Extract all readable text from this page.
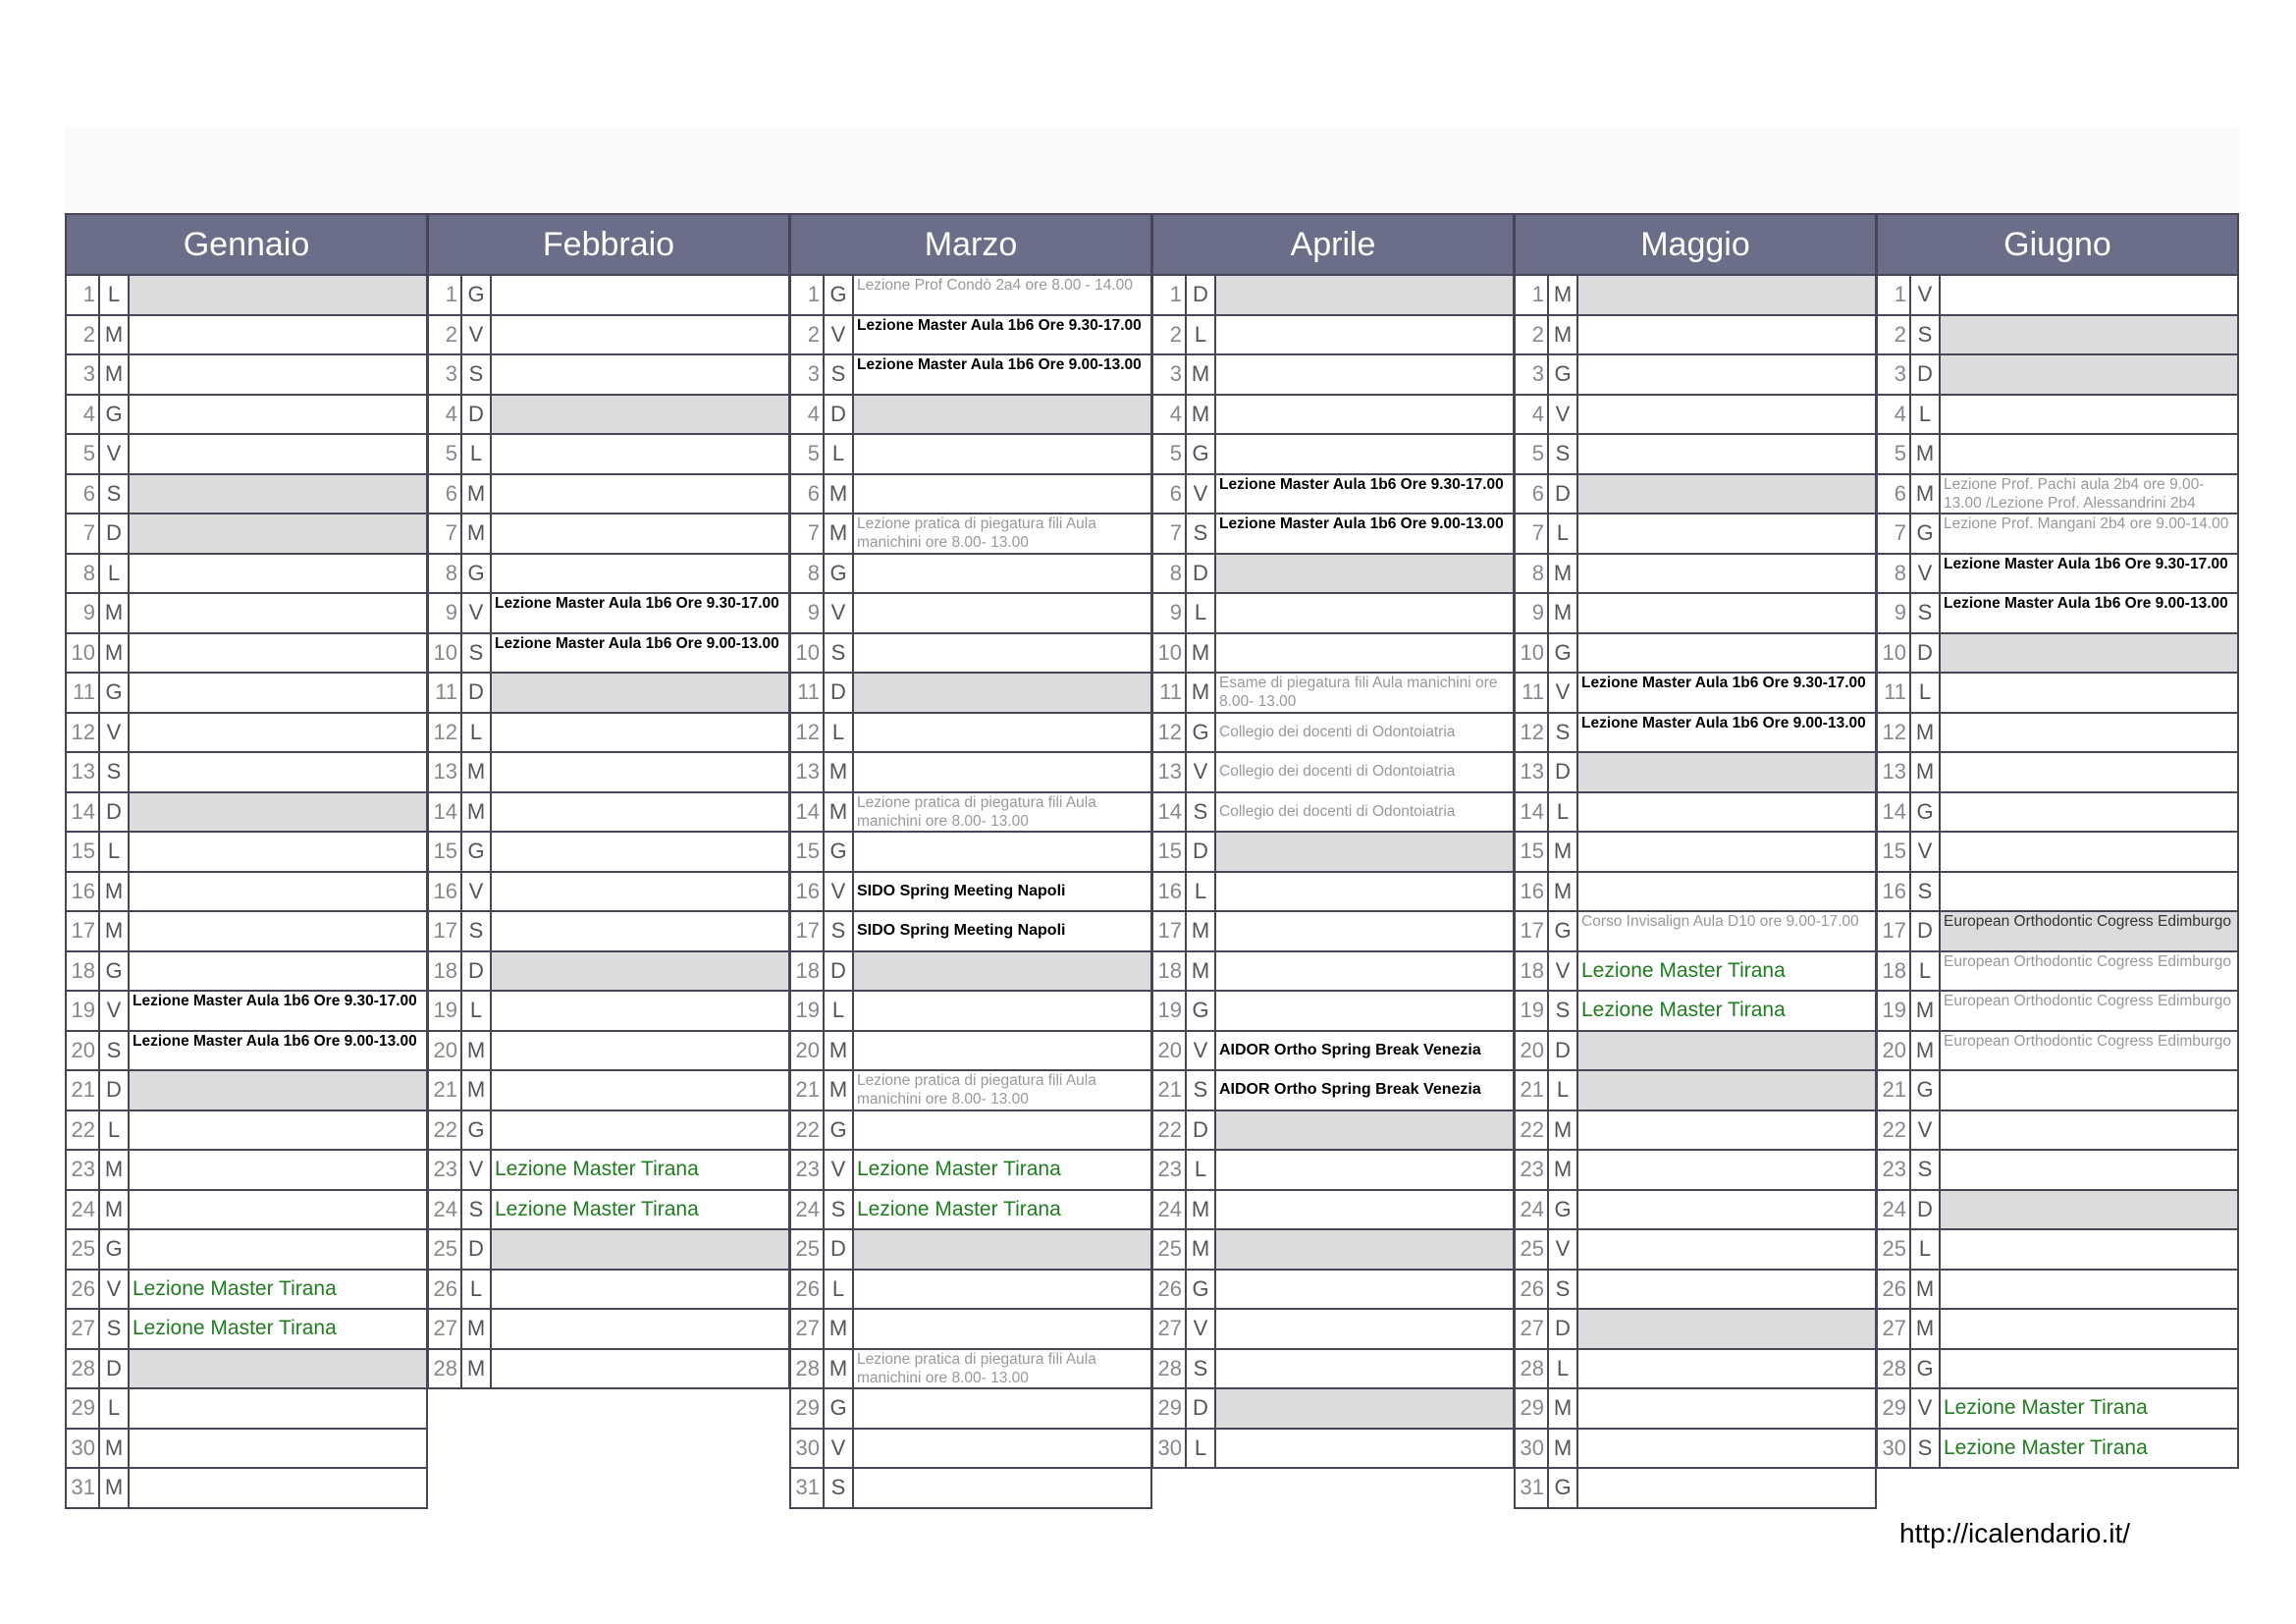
Gennaio
1 L
2 M
3 M
4 G
5 V
6 S
7 D
8 L
9 M
10 M
11 G
12 V
13 S
14 D
15 L
16 M
17 M
18 G
19 V Lezione Master Aula 1b6 Ore 9.30-17.00
20 S Lezione Master Aula 1b6 Ore 9.00-13.00
21 D
22 L
23 M
24 M
25 G
26 V Lezione Master Tirana
27 S Lezione Master Tirana
28 D
29 L
30 M
31 M
Febbraio
1 G
2 V
3 S
4 D
5 L
6 M
7 M
8 G
9 V Lezione Master Aula 1b6 Ore 9.30-17.00
10 S Lezione Master Aula 1b6 Ore 9.00-13.00
11 D
12 L
13 M
14 M
15 G
16 V
17 S
18 D
19 L
20 M
21 M
22 G
23 V Lezione Master Tirana
24 S Lezione Master Tirana
25 D
26 L
27 M
28 M
Marzo
1 G Lezione Prof Condò 2a4 ore 8.00 - 14.00
2 V Lezione Master Aula 1b6 Ore 9.30-17.00
3 S Lezione Master Aula 1b6 Ore 9.00-13.00
4 D
5 L
6 M
7 M Lezione pratica di piegatura fili Aula manichini ore 8.00- 13.00
8 G
9 V
10 S
11 D
12 L
13 M
14 M Lezione pratica di piegatura fili Aula manichini ore 8.00- 13.00
15 G
16 V SIDO Spring Meeting Napoli
17 S SIDO Spring Meeting Napoli
18 D
19 L
20 M
21 M Lezione pratica di piegatura fili Aula manichini ore 8.00- 13.00
22 G
23 V Lezione Master Tirana
24 S Lezione Master Tirana
25 D
26 L
27 M
28 M Lezione pratica di piegatura fili Aula manichini ore 8.00- 13.00
29 G
30 V
31 S
Aprile
1 D
2 L
3 M
4 M
5 G
6 V Lezione Master Aula 1b6 Ore 9.30-17.00
7 S Lezione Master Aula 1b6 Ore 9.00-13.00
8 D
9 L
10 M
11 M Esame di piegatura fili Aula manichini ore 8.00- 13.00
12 G Collegio dei docenti di Odontoiatria
13 V Collegio dei docenti di Odontoiatria
14 S Collegio dei docenti di Odontoiatria
15 D
16 L
17 M
18 M
19 G
20 V AIDOR Ortho Spring Break Venezia
21 S AIDOR Ortho Spring Break Venezia
22 D
23 L
24 M
25 M
26 G
27 V
28 S
29 D
30 L
Maggio
1 M
2 M
3 G
4 V
5 S
6 D
7 L
8 M
9 M
10 G
11 V Lezione Master Aula 1b6 Ore 9.30-17.00
12 S Lezione Master Aula 1b6 Ore 9.00-13.00
13 D
14 L
15 M
16 M
17 G Corso Invisalign Aula D10 ore 9.00-17.00
18 V Lezione Master Tirana
19 S Lezione Master Tirana
20 D
21 L
22 M
23 M
24 G
25 V
26 S
27 D
28 L
29 M
30 M
31 G
Giugno
1 V
2 S
3 D
4 L
5 M
6 M Lezione Prof. Pachì aula 2b4 ore 9.00-13.00 /Lezione Prof. Alessandrini 2b4
7 G Lezione Prof. Mangani 2b4 ore 9.00-14.00
8 V Lezione Master Aula 1b6 Ore 9.30-17.00
9 S Lezione Master Aula 1b6 Ore 9.00-13.00
10 D
11 L
12 M
13 M
14 G
15 V
16 S
17 D European Orthodontic Cogress Edimburgo
18 L European Orthodontic Cogress Edimburgo
19 M European Orthodontic Cogress Edimburgo
20 M European Orthodontic Cogress Edimburgo
21 G
22 V
23 S
24 D
25 L
26 M
27 M
28 G
29 V Lezione Master Tirana
30 S Lezione Master Tirana
http://icalendario.it/
